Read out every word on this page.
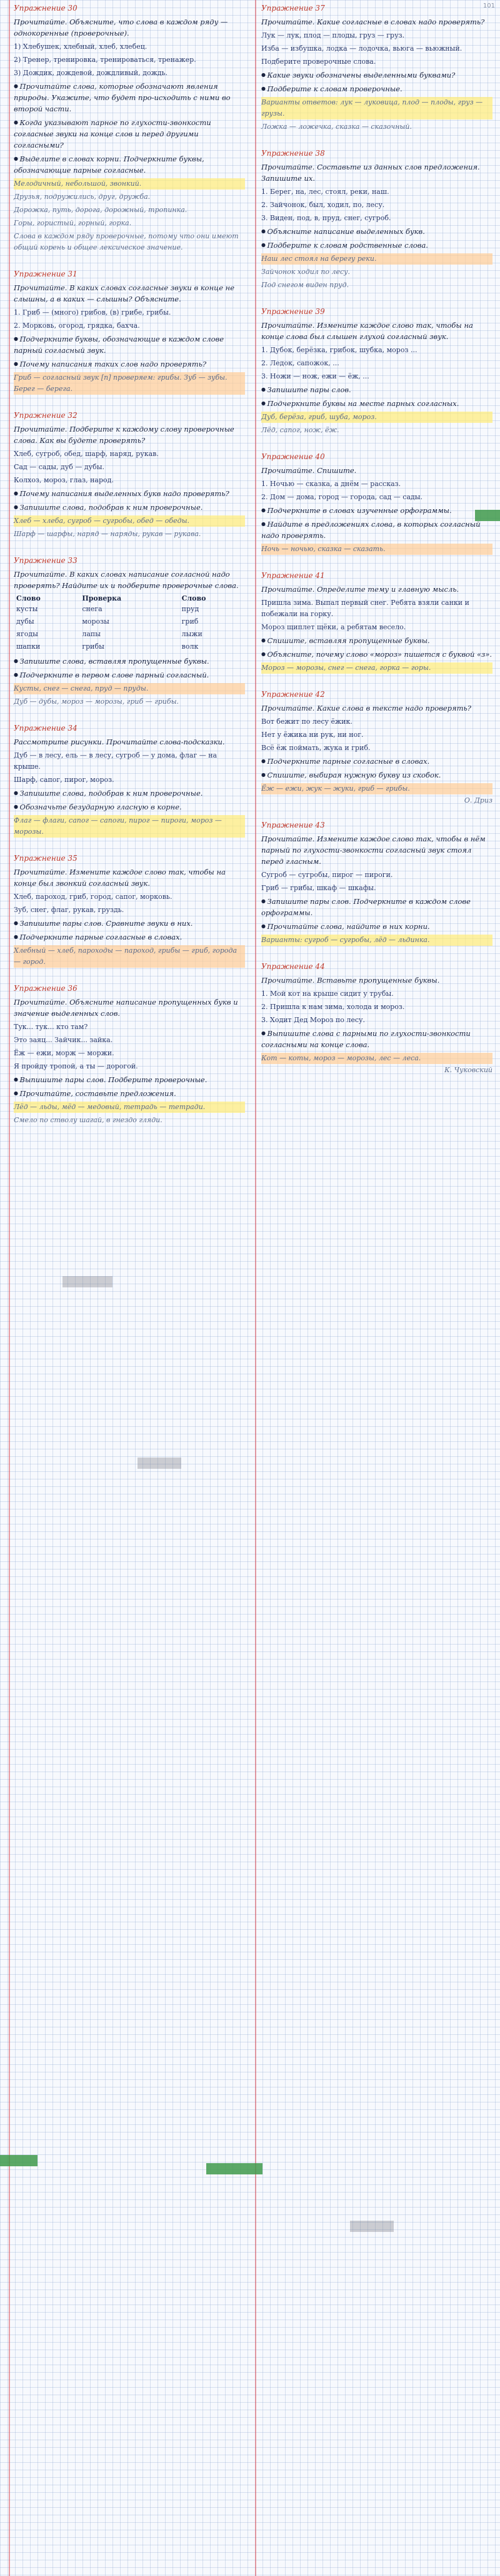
101
Упражнение 30
Прочитайте. Объясните, что слова в каждом ряду — однокоренные (проверочные).
1) Хлебушек, хлебный, хлеб, хлебец.
2) Тренер, тренировка, тренироваться, тренажер.
3) Дождик, дождевой, дождливый, дождь.
● Прочитайте слова, которые обозначают явления природы. Укажите, что будет про-исходить с ними во второй части.
● Когда указывают парное по глухости-звонкости согласные звуки на конце слов и перед другими согласными?
● Выделите в словах корни. Подчеркните буквы, обозначающие парные согласные.
Мелодичный, небольшой, звонкий.
Друзья, подружились, друг, дружба.
Дорожка, путь, дорога, дорожный, тропинка.
Горы, гористый, горный, горка.
Слова в каждом ряду проверочные, потому что они имеют общий корень и общее лексическое значение.
Упражнение 31
Прочитайте. В каких словах согласные звуки в конце не слышны, а в каких — слышны? Объясните.
1. Гриб — (много) грибов, (в) грибе, грибы.
2. Морковь, огород, грядка, бахча.
● Подчеркните буквы, обозначающие в каждом слове парный согласный звук.
● Почему написания таких слов надо проверять?
Гриб — согласный звук [п] проверяем: грибы. Зуб — зубы. Берег — берега.
Упражнение 32
Прочитайте. Подберите к каждому слову проверочные слова. Как вы будете проверять?
Хлеб, сугроб, обед, шарф, наряд, рукав.
Сад — сады, дуб — дубы.
Колхоз, мороз, глаз, народ.
● Почему написания выделенных букв надо проверять?
● Запишите слова, подобрав к ним проверочные.
Хлеб — хлеба, сугроб — сугробы, обед — обеды.
Шарф — шарфы, наряд — наряды, рукав — рукава.
Упражнение 33
Прочитайте. В каких словах написание согласной надо проверять? Найдите их и подберите проверочные слова.
Слово	Проверка	Слово
кусты	снега	пруд
дубы	морозы	гриб
ягоды	лапы	лыжи
шапки	грибы	волк
● Запишите слова, вставляя пропущенные буквы.
● Подчеркните в первом слове парный согласный.
Кусты, снег — снега, пруд — пруды.
Дуб — дубы, мороз — морозы, гриб — грибы.
Упражнение 34
Рассмотрите рисунки. Прочитайте слова-подсказки.
Дуб — в лесу, ель — в лесу, сугроб — у дома, флаг — на крыше.
Шарф, сапог, пирог, мороз.
● Запишите слова, подобрав к ним проверочные.
● Обозначьте безударную гласную в корне.
Флаг — флаги, сапог — сапоги, пирог — пироги, мороз — морозы.
Упражнение 35
Прочитайте. Измените каждое слово так, чтобы на конце был звонкий согласный звук.
Хлеб, пароход, гриб, город, сапог, морковь.
Зуб, снег, флаг, рукав, груздь.
● Запишите пары слов. Сравните звуки в них.
● Подчеркните парные согласные в словах.
Хлебный — хлеб, пароходы — пароход, грибы — гриб, города — город.
Упражнение 36
Прочитайте. Объясните написание пропущенных букв и значение выделенных слов.
Тук... тук... кто там?
Это заяц... Зайчик... зайка.
Ёж — ежи, морж — моржи.
Я пройду тропой, а ты — дорогой.
● Выпишите пары слов. Подберите проверочные.
● Прочитайте, составьте предложения.
Лёд — льды, мёд — медовый, тетрадь — тетради.
Смело по стволу шагай, в гнездо гляди.
Упражнение 37
Прочитайте. Какие согласные в словах надо проверять?
Лук — лук, плод — плоды, груз — груз.
Изба — избушка, лодка — лодочка, вьюга — вьюжный.
Подберите проверочные слова.
● Какие звуки обозначены выделенными буквами?
● Подберите к словам проверочные.
Варианты ответов: лук — луковица, плод — плоды, груз — грузы.
Ложка — ложечка, сказка — сказочный.
Упражнение 38
Прочитайте. Составьте из данных слов предложения. Запишите их.
1. Берег, на, лес, стоял, реки, наш.
2. Зайчонок, был, ходил, по, лесу.
3. Виден, под, в, пруд, снег, сугроб.
● Объясните написание выделенных букв.
● Подберите к словам родственные слова.
Наш лес стоял на берегу реки.
Зайчонок ходил по лесу.
Под снегом виден пруд.
Упражнение 39
Прочитайте. Измените каждое слово так, чтобы на конце слова был слышен глухой согласный звук.
1. Дубок, берёзка, грибок, шубка, мороз ...
2. Ледок, сапожок, ...
3. Ножи — нож, ежи — ёж, ...
● Запишите пары слов.
● Подчеркните буквы на месте парных согласных.
Дуб, берёза, гриб, шуба, мороз.
Лёд, сапог, нож, ёж.
Упражнение 40
Прочитайте. Спишите.
1. Ночью — сказка, а днём — рассказ.
2. Дом — дома, город — города, сад — сады.
● Подчеркните в словах изученные орфограммы.
● Найдите в предложениях слова, в которых согласный надо проверять.
Ночь — ночью, сказка — сказать.
Упражнение 41
Прочитайте. Определите тему и главную мысль.
Пришла зима. Выпал первый снег. Ребята взяли санки и побежали на горку.
Мороз щиплет щёки, а ребятам весело.
● Спишите, вставляя пропущенные буквы.
● Объясните, почему слово «мороз» пишется с буквой «з».
Мороз — морозы, снег — снега, горка — горы.
Упражнение 42
Прочитайте. Какие слова в тексте надо проверять?
Вот бежит по лесу ёжик.
Нет у ёжика ни рук, ни ног.
Всё ёж поймать, жука и гриб.
● Подчеркните парные согласные в словах.
● Спишите, выбирая нужную букву из скобок.
Ёж — ежи, жук — жуки, гриб — грибы.
О. Дриз
Упражнение 43
Прочитайте. Измените каждое слово так, чтобы в нём парный по глухости-звонкости согласный звук стоял перед гласным.
Сугроб — сугробы, пирог — пироги.
Гриб — грибы, шкаф — шкафы.
● Запишите пары слов. Подчеркните в каждом слове орфограммы.
● Прочитайте слова, найдите в них корни.
Варианты: сугроб — сугробы, лёд — льдинка.
Упражнение 44
Прочитайте. Вставьте пропущенные буквы.
1. Мой кот на крыше сидит у трубы.
2. Пришла к нам зима, холода и мороз.
3. Ходит Дед Мороз по лесу.
● Выпишите слова с парными по глухости-звонкости согласными на конце слова.
Кот — коты, мороз — морозы, лес — леса.
К. Чуковский
